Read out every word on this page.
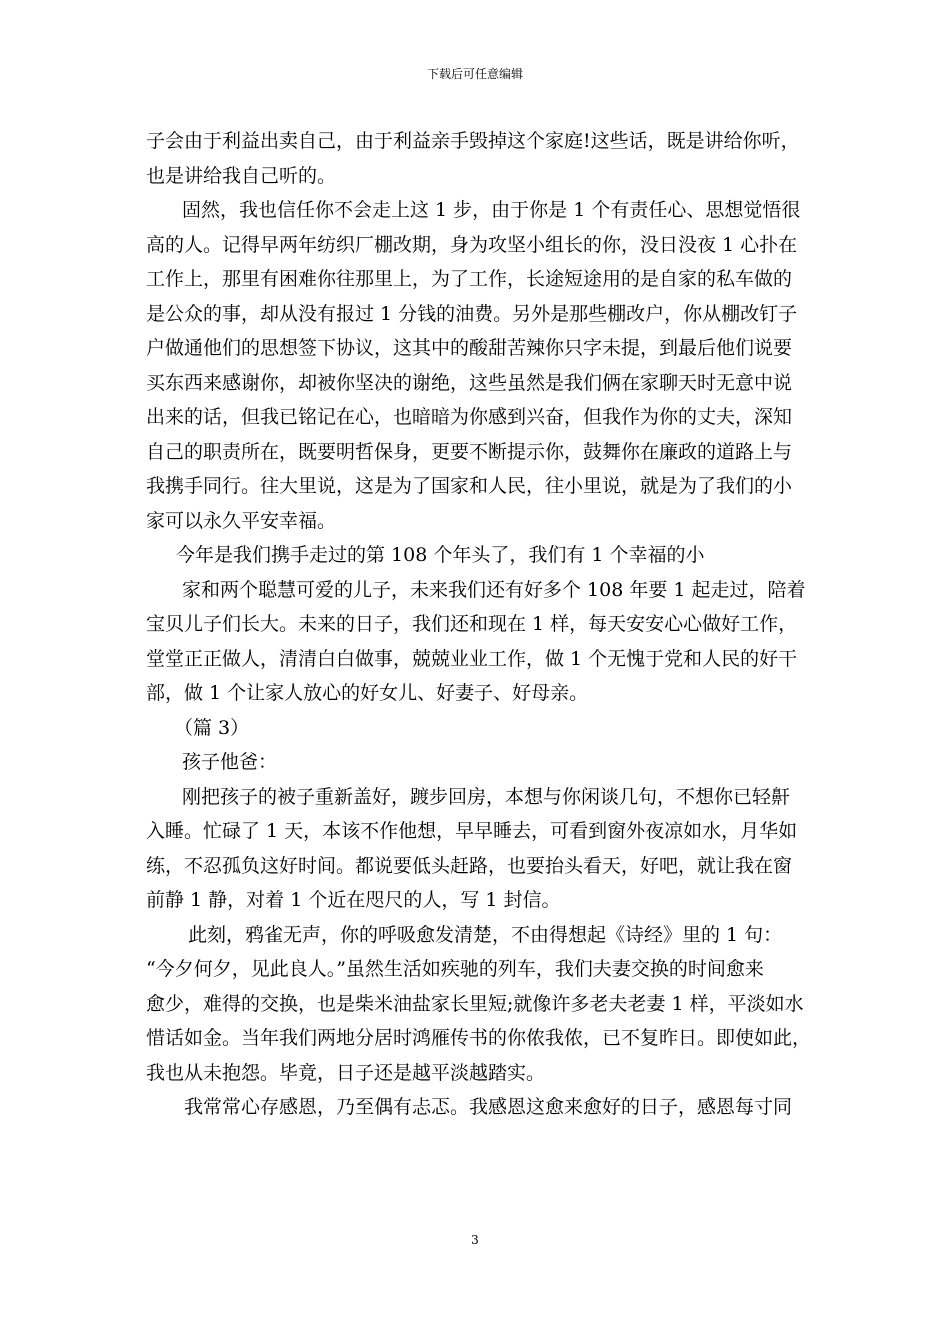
下载后可任意编辑
子会由于利益出卖自己，由于利益亲手毁掉这个家庭!这些话，既是讲给你听，
也是讲给我自己听的。
固然，我也信任你不会走上这 1 步，由于你是 1 个有责任心、思想觉悟很
高的人。记得早两年纺织厂棚改期，身为攻坚小组长的你，没日没夜 1 心扑在
工作上，那里有困难你往那里上，为了工作，长途短途用的是自家的私车做的
是公众的事，却从没有报过 1 分钱的油费。另外是那些棚改户，你从棚改钉子
户做通他们的思想签下协议，这其中的酸甜苦辣你只字未提，到最后他们说要
买东西来感谢你，却被你坚决的谢绝，这些虽然是我们俩在家聊天时无意中说
出来的话，但我已铭记在心，也暗暗为你感到兴奋，但我作为你的丈夫，深知
自己的职责所在，既要明哲保身，更要不断提示你，鼓舞你在廉政的道路上与
我携手同行。往大里说，这是为了国家和人民，往小里说，就是为了我们的小
家可以永久平安幸福。
今年是我们携手走过的第 108 个年头了，我们有 1 个幸福的小
家和两个聪慧可爱的儿子，未来我们还有好多个 108 年要 1 起走过，陪着
宝贝儿子们长大。未来的日子，我们还和现在 1 样，每天安安心心做好工作，
堂堂正正做人，清清白白做事，兢兢业业工作，做 1 个无愧于党和人民的好干
部，做 1 个让家人放心的好女儿、好妻子、好母亲。
（篇 3）
孩子他爸：
刚把孩子的被子重新盖好，踱步回房，本想与你闲谈几句，不想你已轻鼾
入睡。忙碌了 1 天，本该不作他想，早早睡去，可看到窗外夜凉如水，月华如
练，不忍孤负这好时间。都说要低头赶路，也要抬头看天，好吧，就让我在窗
前静 1 静，对着 1 个近在咫尺的人，写 1 封信。
此刻，鸦雀无声，你的呼吸愈发清楚，不由得想起《诗经》里的 1 句：
“今夕何夕，见此良人。”虽然生活如疾驰的列车，我们夫妻交换的时间愈来
愈少，难得的交换，也是柴米油盐家长里短;就像许多老夫老妻 1 样，平淡如水
惜话如金。当年我们两地分居时鸿雁传书的你侬我侬，已不复昨日。即使如此，
我也从未抱怨。毕竟，日子还是越平淡越踏实。
我常常心存感恩，乃至偶有忐忑。我感恩这愈来愈好的日子，感恩每寸同
3
